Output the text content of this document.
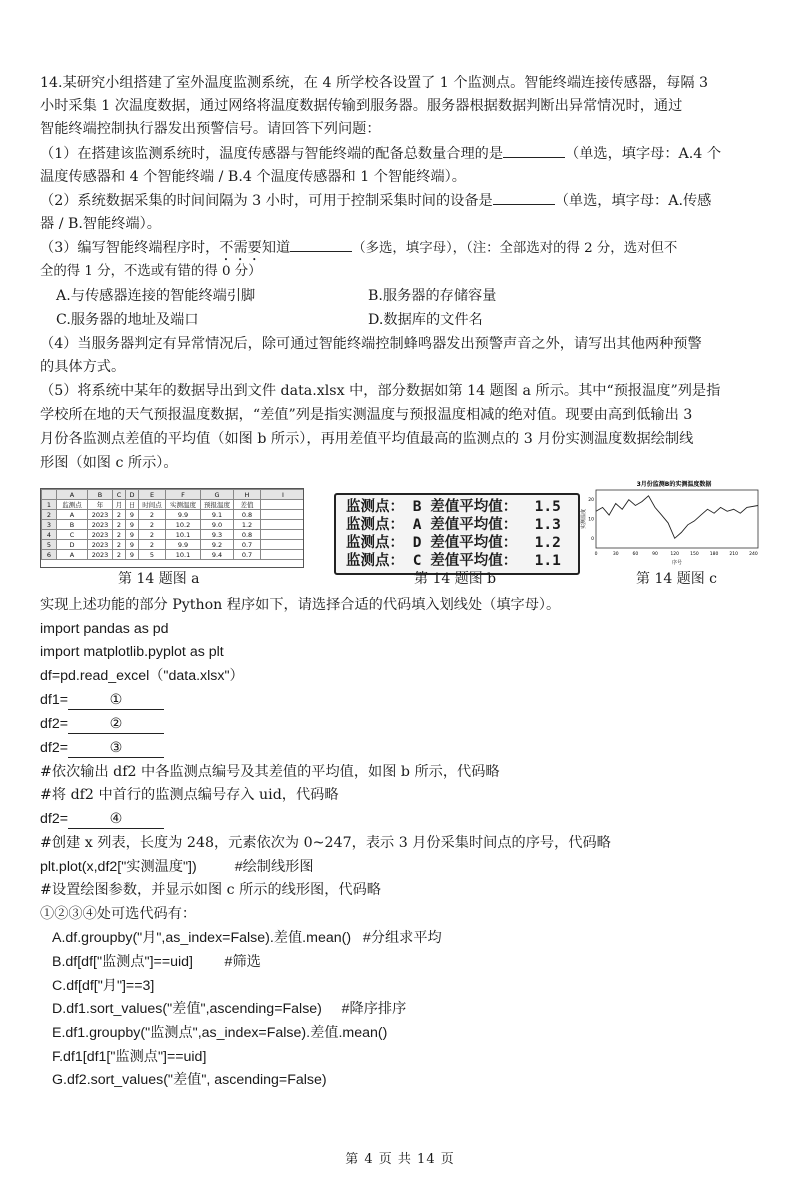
14.某研究小组搭建了室外温度监测系统，在 4 所学校各设置了 1 个监测点。智能终端连接传感器，每隔 3
小时采集 1 次温度数据，通过网络将温度数据传输到服务器。服务器根据数据判断出异常情况时，通过
智能终端控制执行器发出预警信号。请回答下列问题：
（1）在搭建该监测系统时，温度传感器与智能终端的配备总数量合理的是	（单选，填字母：A.4 个
温度传感器和 4 个智能终端 / B.4 个温度传感器和 1 个智能终端）。
（2）系统数据采集的时间间隔为 3 小时，可用于控制采集时间的设备是	（单选，填字母：A.传感
器 / B.智能终端）。
（3）编写智能终端程序时，不需要知道	（多选，填字母），（注：全部选对的得 2 分，选对但不
全的得 1 分，不选或有错的得 0 分）
A.与传感器连接的智能终端引脚	B.服务器的存储容量
C.服务器的地址及端口	D.数据库的文件名
（4）当服务器判定有异常情况后，除可通过智能终端控制蜂鸣器发出预警声音之外，请写出其他两种预警
的具体方式。
（5）将系统中某年的数据导出到文件 data.xlsx 中，部分数据如第 14 题图 a 所示。其中“预报温度”列是指
学校所在地的天气预报温度数据，“差值”列是指实测温度与预报温度相减的绝对值。现要由高到低输出 3
月份各监测点差值的平均值（如图 b 所示），再用差值平均值最高的监测点的 3 月份实测温度数据绘制线
形图（如图 c 所示）。
	A	B	C	D	E	F	G	H	I
1	监测点	年	月	日	时间点	实测温度	预报温度	差值	
2	A	2023	2	9	2	9.9	9.1	0.8	
3	B	2023	2	9	2	10.2	9.0	1.2	
4	C	2023	2	9	2	10.1	9.3	0.8	
5	D	2023	2	9	2	9.9	9.2	0.7	
6	A	2023	2	9	5	10.1	9.4	0.7	
第 14 题图 a
监测点： B 差值平均值：  1.5
监测点： A 差值平均值：  1.3
监测点： D 差值平均值：  1.2
监测点： C 差值平均值：  1.1
第 14 题图 b
3月份监测B的实测温度数据
实测温度
序号
0	30	60	90	120 150 180 210 240
20
10
0
第 14 题图 c
实现上述功能的部分 Python 程序如下，请选择合适的代码填入划线处（填字母）。
import pandas as pd
import matplotlib.pyplot as plt
df=pd.read_excel（"data.xlsx"）
df1=	①
df2=	②
df2=	③
#依次输出 df2 中各监测点编号及其差值的平均值，如图 b 所示，代码略
#将 df2 中首行的监测点编号存入 uid，代码略
df2=	④
#创建 x 列表，长度为 248，元素依次为 0~247，表示 3 月份采集时间点的序号，代码略
plt.plot(x,df2["实测温度"])	#绘制线形图
#设置绘图参数，并显示如图 c 所示的线形图，代码略
①②③④处可选代码有：
A.df.groupby("月",as_index=False).差值.mean()   #分组求平均
B.df[df["监测点"]==uid]        #筛选
C.df[df["月"]==3]
D.df1.sort_values("差值",ascending=False)     #降序排序
E.df1.groupby("监测点",as_index=False).差值.mean()
F.df1[df1["监测点"]==uid]
G.df2.sort_values("差值", ascending=False)
第 4 页 共 14 页
